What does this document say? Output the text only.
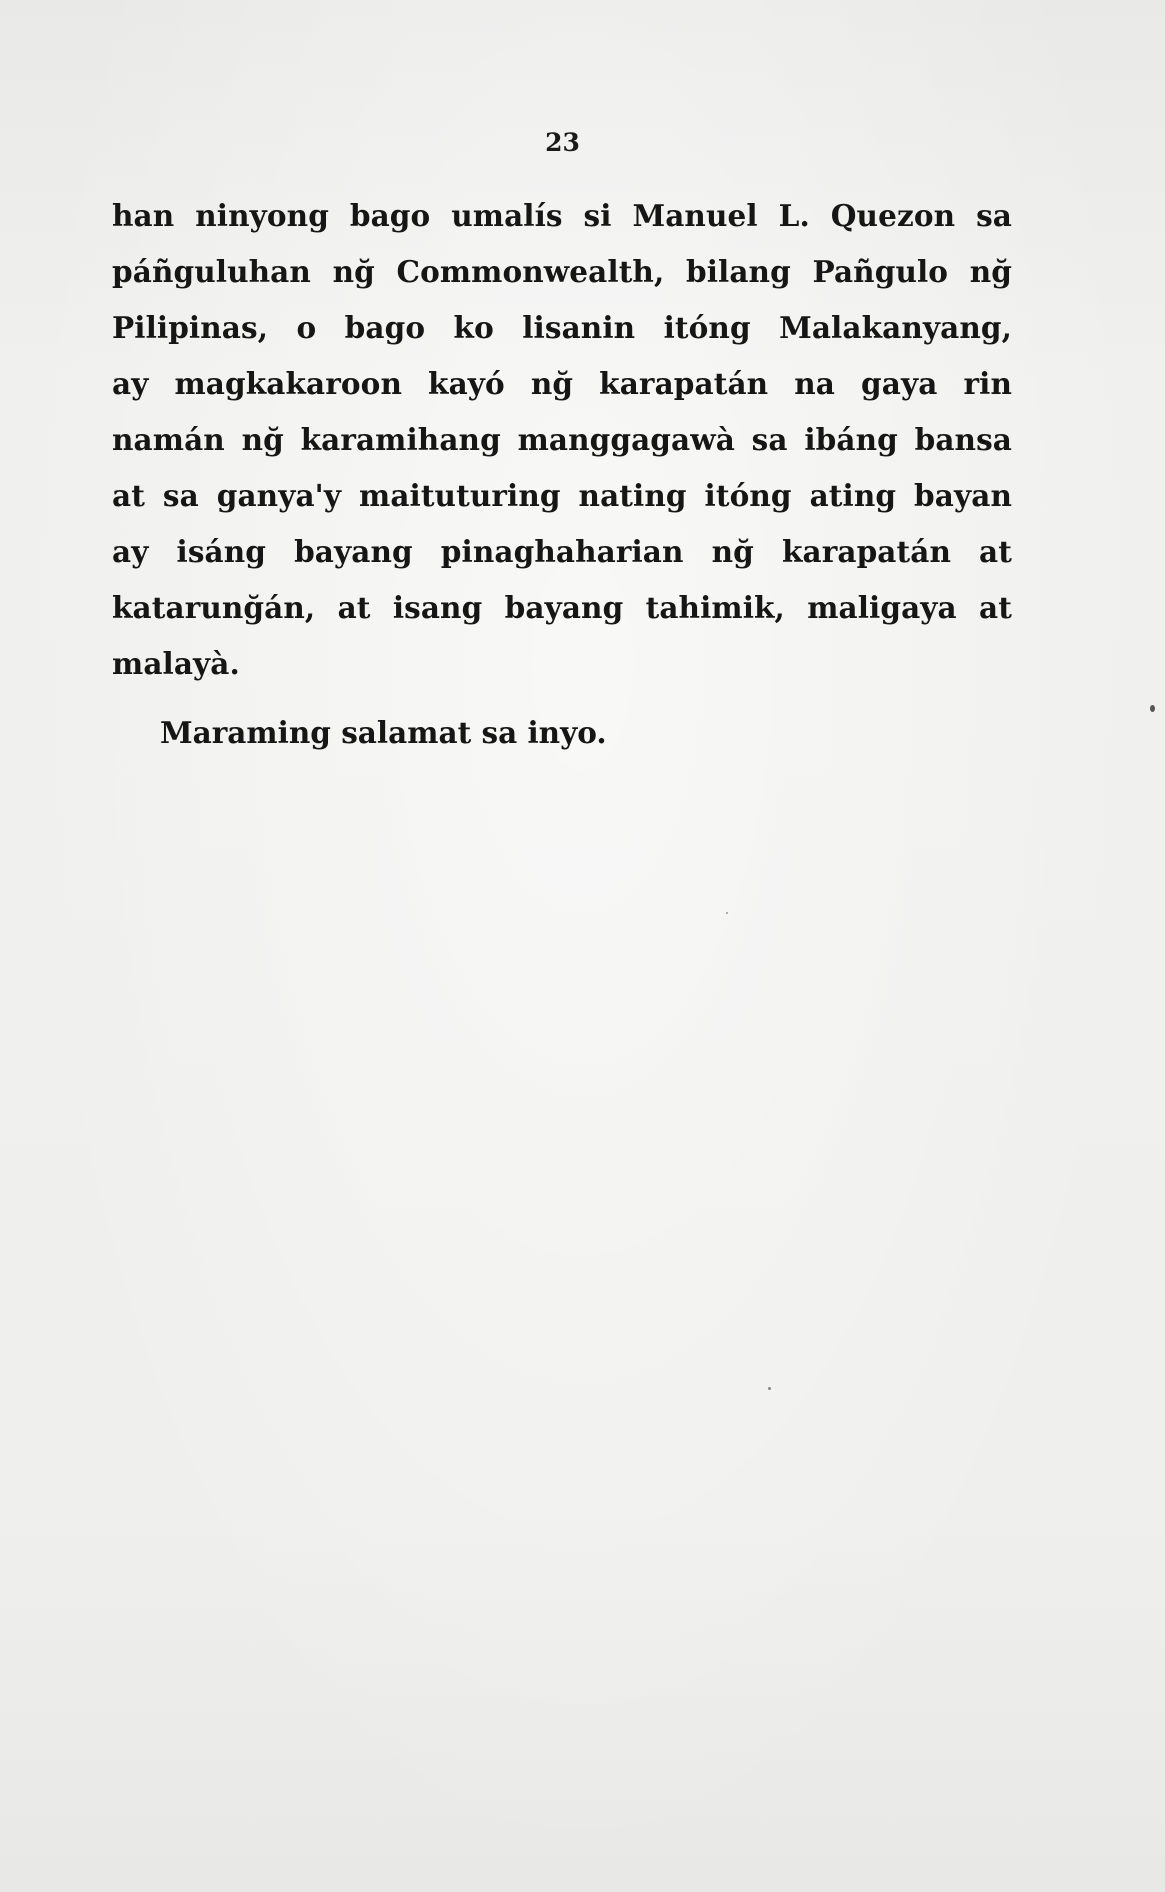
23

han ninyong bago umalís si Manuel L. Quezon sa
páñguluhan nğ Commonwealth, bilang Pañgulo nğ
Pilipinas, o bago ko lisanin itóng Malakanyang,
ay magkakaroon kayó nğ karapatán na gaya rin
namán nğ karamihang manggagawà sa ibáng bansa
at sa ganya'y maituturing nating itóng ating bayan
ay isáng bayang pinaghaharian nğ karapatán at
katarunğán, at isang bayang tahimik, maligaya at
malayà.

Maraming salamat sa inyo.
